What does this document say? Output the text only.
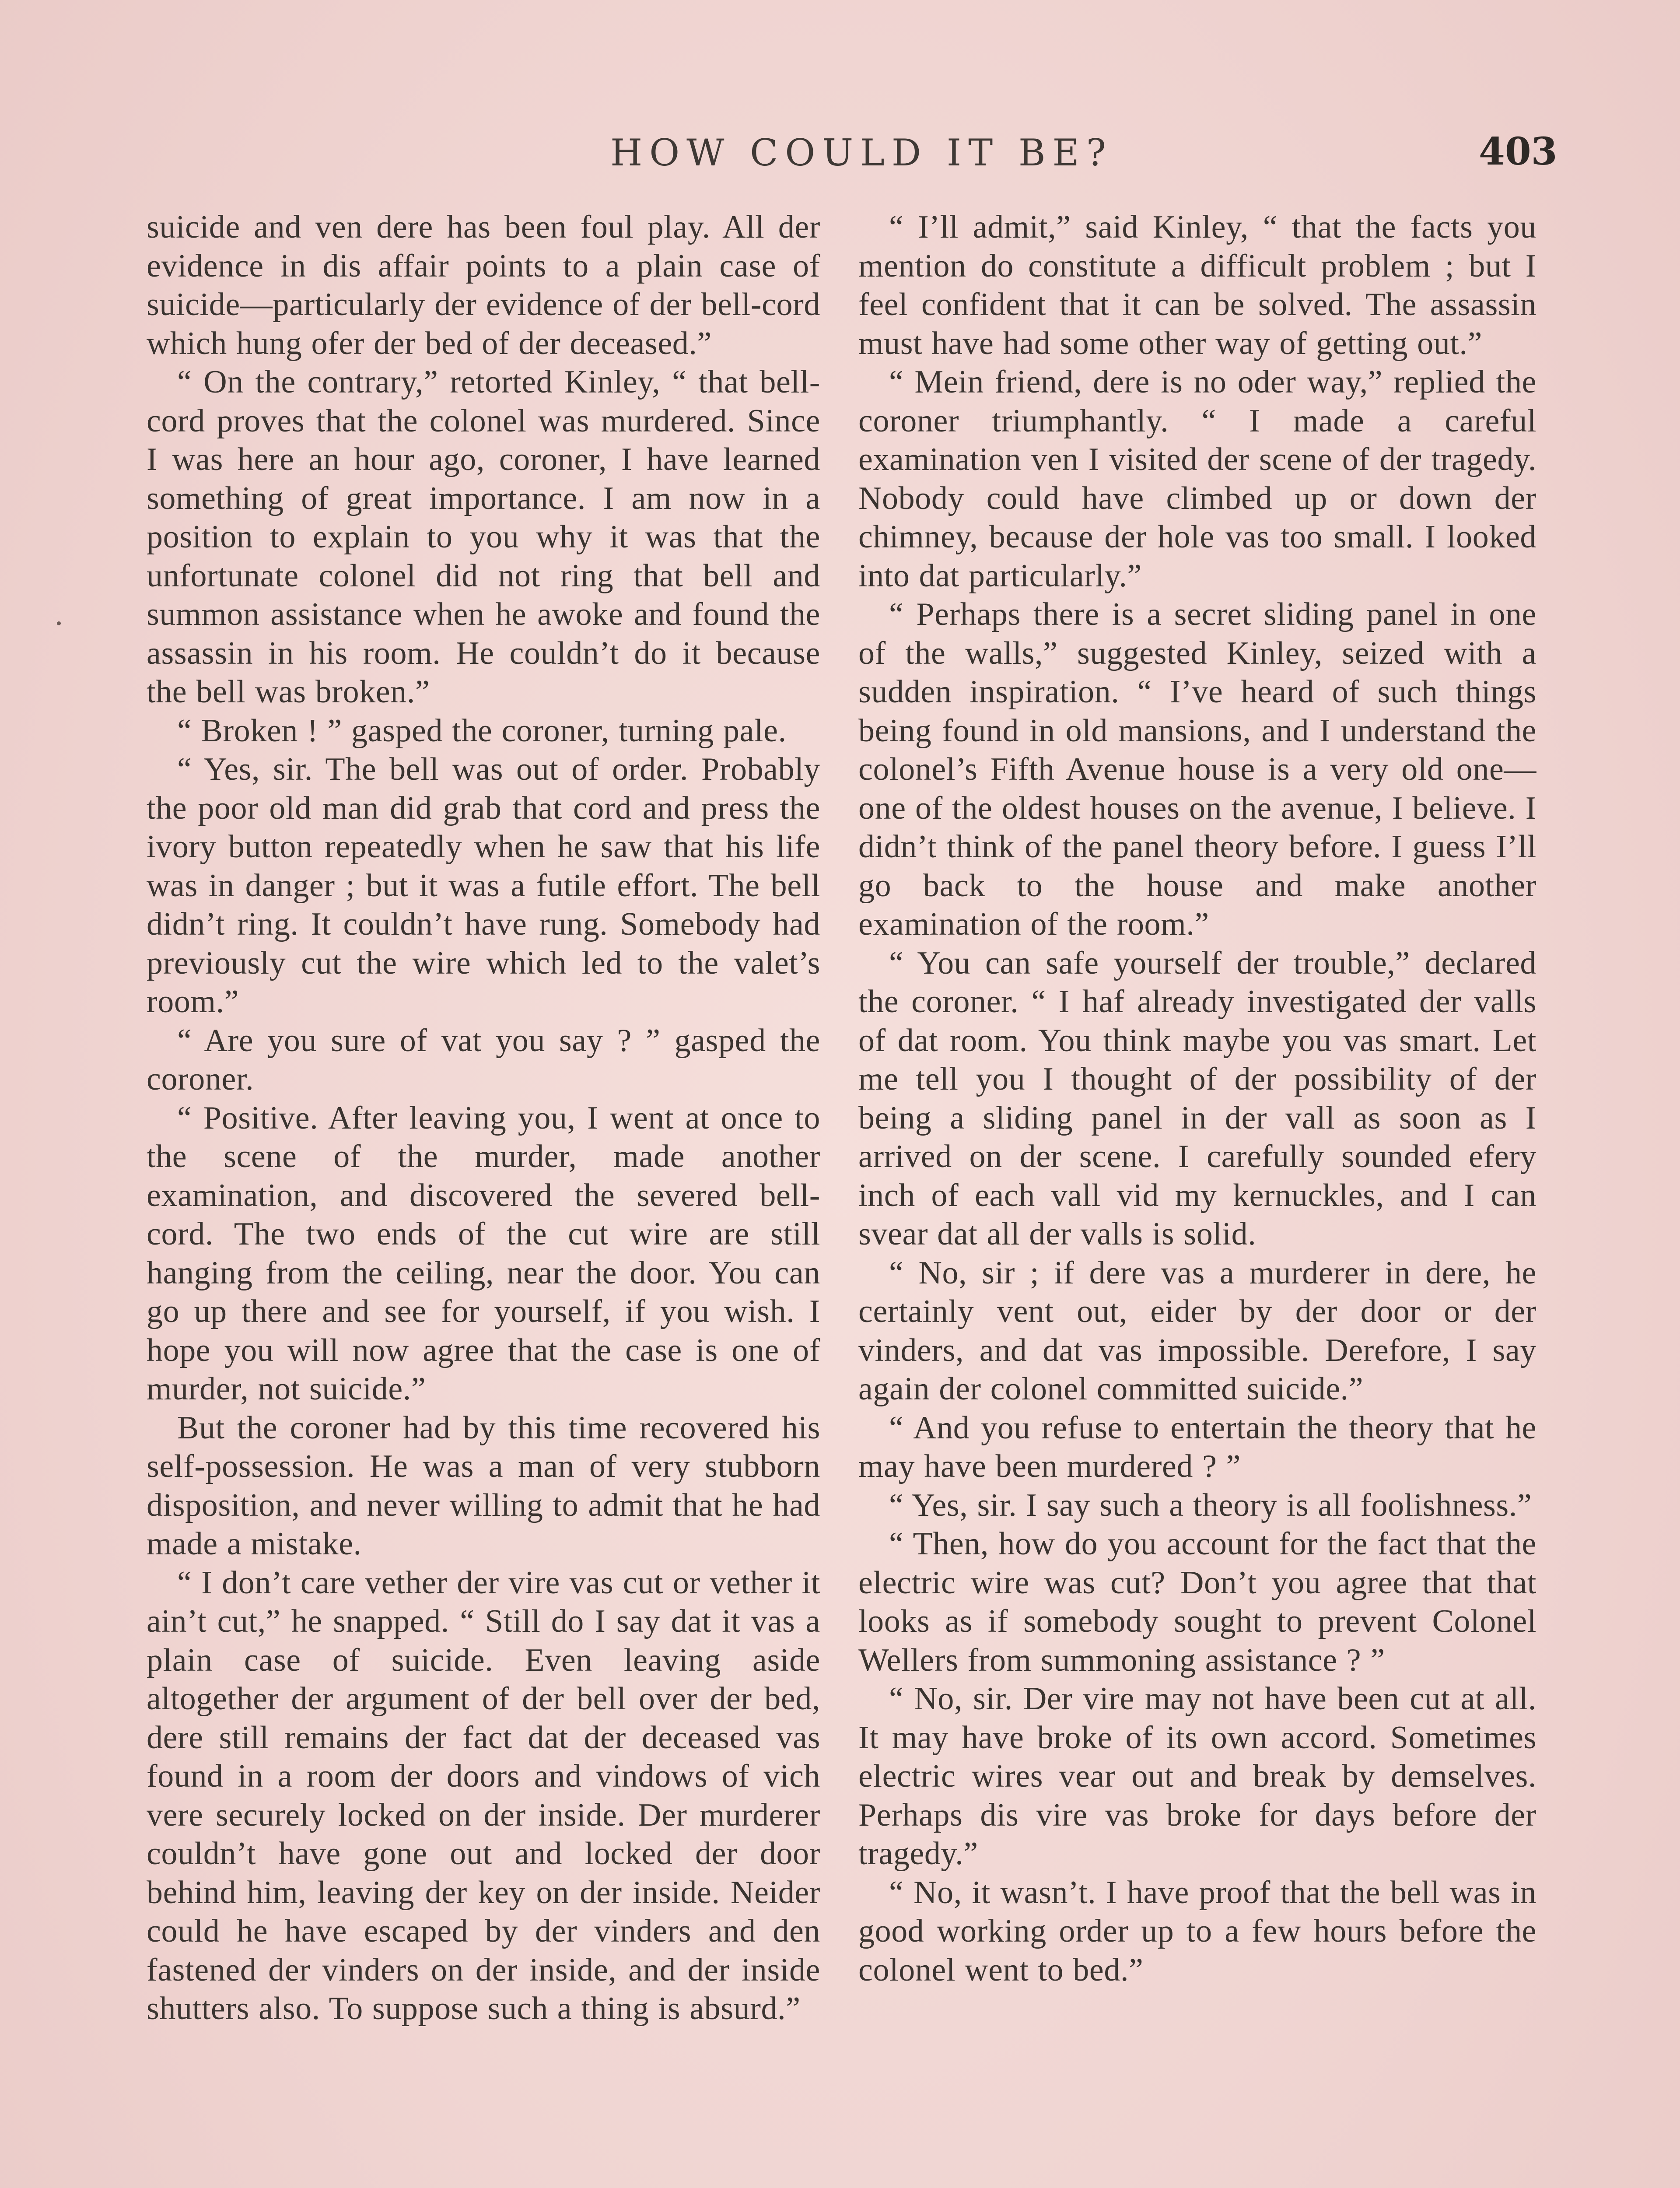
HOW COULD IT BE?	403

suicide and ven dere has been foul play. All der evidence in dis affair points to a plain case of suicide—particularly der evidence of der bell-cord which hung ofer der bed of der deceased.”

“ On the contrary,” retorted Kinley, “ that bell-cord proves that the colonel was murdered. Since I was here an hour ago, coroner, I have learned something of great importance. I am now in a position to explain to you why it was that the unfortunate colonel did not ring that bell and summon assistance when he awoke and found the assassin in his room. He couldn’t do it because the bell was broken.”

“ Broken ! ” gasped the coroner, turning pale.

“ Yes, sir. The bell was out of order. Probably the poor old man did grab that cord and press the ivory button repeatedly when he saw that his life was in danger ; but it was a futile effort. The bell didn’t ring. It couldn’t have rung. Somebody had previously cut the wire which led to the valet’s room.”

“ Are you sure of vat you say ? ” gasped the coroner.

“ Positive. After leaving you, I went at once to the scene of the murder, made another examination, and discovered the severed bell-cord. The two ends of the cut wire are still hanging from the ceiling, near the door. You can go up there and see for yourself, if you wish. I hope you will now agree that the case is one of murder, not suicide.”

But the coroner had by this time recovered his self-possession. He was a man of very stubborn disposition, and never willing to admit that he had made a mistake.

“ I don’t care vether der vire vas cut or vether it ain’t cut,” he snapped. “ Still do I say dat it vas a plain case of suicide. Even leaving aside altogether der argument of der bell over der bed, dere still remains der fact dat der deceased vas found in a room der doors and vindows of vich vere securely locked on der inside. Der murderer couldn’t have gone out and locked der door behind him, leaving der key on der inside. Neider could he have escaped by der vinders and den fastened der vinders on der inside, and der inside shutters also. To suppose such a thing is absurd.”

“ I’ll admit,” said Kinley, “ that the facts you mention do constitute a difficult problem ; but I feel confident that it can be solved. The assassin must have had some other way of getting out.”

“ Mein friend, dere is no oder way,” replied the coroner triumphantly. “ I made a careful examination ven I visited der scene of der tragedy. Nobody could have climbed up or down der chimney, because der hole vas too small. I looked into dat particularly.”

“ Perhaps there is a secret sliding panel in one of the walls,” suggested Kinley, seized with a sudden inspiration. “ I’ve heard of such things being found in old mansions, and I understand the colonel’s Fifth Avenue house is a very old one—one of the oldest houses on the avenue, I believe. I didn’t think of the panel theory before. I guess I’ll go back to the house and make another examination of the room.”

“ You can safe yourself der trouble,” declared the coroner. “ I haf already investigated der valls of dat room. You think maybe you vas smart. Let me tell you I thought of der possibility of der being a sliding panel in der vall as soon as I arrived on der scene. I carefully sounded efery inch of each vall vid my kernuckles, and I can svear dat all der valls is solid.

“ No, sir ; if dere vas a murderer in dere, he certainly vent out, eider by der door or der vinders, and dat vas impossible. Derefore, I say again der colonel committed suicide.”

“ And you refuse to entertain the theory that he may have been murdered ? ”

“ Yes, sir. I say such a theory is all foolishness.”

“ Then, how do you account for the fact that the electric wire was cut? Don’t you agree that that looks as if somebody sought to prevent Colonel Wellers from summoning assistance ? ”

“ No, sir. Der vire may not have been cut at all. It may have broke of its own accord. Sometimes electric wires vear out and break by demselves. Perhaps dis vire vas broke for days before der tragedy.”

“ No, it wasn’t. I have proof that the bell was in good working order up to a few hours before the colonel went to bed.”
